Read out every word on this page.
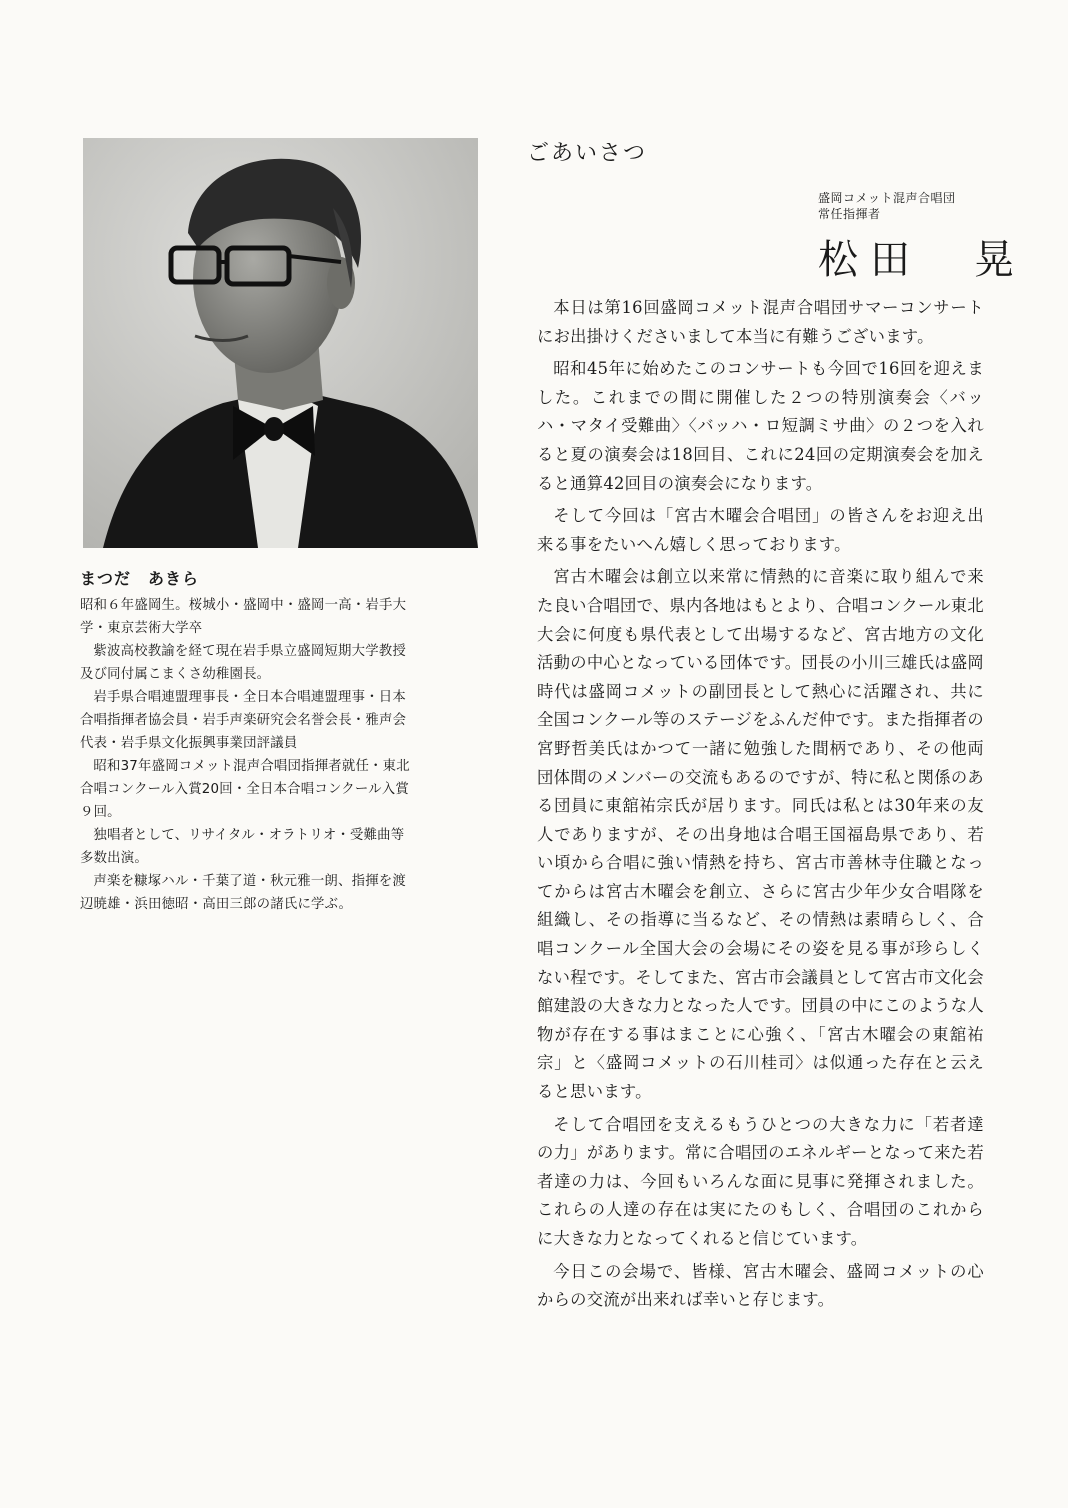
まつだ　あきら

昭和６年盛岡生。桜城小・盛岡中・盛岡一高・岩手大学・東京芸術大学卒

紫波高校教諭を経て現在岩手県立盛岡短期大学教授及び同付属こまくさ幼稚園長。

岩手県合唱連盟理事長・全日本合唱連盟理事・日本合唱指揮者協会員・岩手声楽研究会名誉会長・雅声会代表・岩手県文化振興事業団評議員

昭和37年盛岡コメット混声合唱団指揮者就任・東北合唱コンクール入賞20回・全日本合唱コンクール入賞９回。

独唱者として、リサイタル・オラトリオ・受難曲等多数出演。

声楽を糠塚ハル・千葉了道・秋元雅一朗、指揮を渡辺暁雄・浜田徳昭・高田三郎の諸氏に学ぶ。

ごあいさつ
盛岡コメット混声合唱団
常任指揮者
松田　晃

本日は第16回盛岡コメット混声合唱団サマーコンサートにお出掛けくださいまして本当に有難うございます。

昭和45年に始めたこのコンサートも今回で16回を迎えました。これまでの間に開催した２つの特別演奏会〈バッハ・マタイ受難曲〉〈バッハ・ロ短調ミサ曲〉の２つを入れると夏の演奏会は18回目、これに24回の定期演奏会を加えると通算42回目の演奏会になります。

そして今回は「宮古木曜会合唱団」の皆さんをお迎え出来る事をたいへん嬉しく思っております。

宮古木曜会は創立以来常に情熱的に音楽に取り組んで来た良い合唱団で、県内各地はもとより、合唱コンクール東北大会に何度も県代表として出場するなど、宮古地方の文化活動の中心となっている団体です。団長の小川三雄氏は盛岡時代は盛岡コメットの副団長として熱心に活躍され、共に全国コンクール等のステージをふんだ仲です。また指揮者の宮野哲美氏はかつて一諸に勉強した間柄であり、その他両団体間のメンバーの交流もあるのですが、特に私と関係のある団員に東舘祐宗氏が居ります。同氏は私とは30年来の友人でありますが、その出身地は合唱王国福島県であり、若い頃から合唱に強い情熱を持ち、宮古市善林寺住職となってからは宮古木曜会を創立、さらに宮古少年少女合唱隊を組織し、その指導に当るなど、その情熱は素晴らしく、合唱コンクール全国大会の会場にその姿を見る事が珍らしくない程です。そしてまた、宮古市会議員として宮古市文化会館建設の大きな力となった人です。団員の中にこのような人物が存在する事はまことに心強く、「宮古木曜会の東舘祐宗」と〈盛岡コメットの石川桂司〉は似通った存在と云えると思います。

そして合唱団を支えるもうひとつの大きな力に「若者達の力」があります。常に合唱団のエネルギーとなって来た若者達の力は、今回もいろんな面に見事に発揮されました。これらの人達の存在は実にたのもしく、合唱団のこれからに大きな力となってくれると信じています。

今日この会場で、皆様、宮古木曜会、盛岡コメットの心からの交流が出来れば幸いと存じます。
